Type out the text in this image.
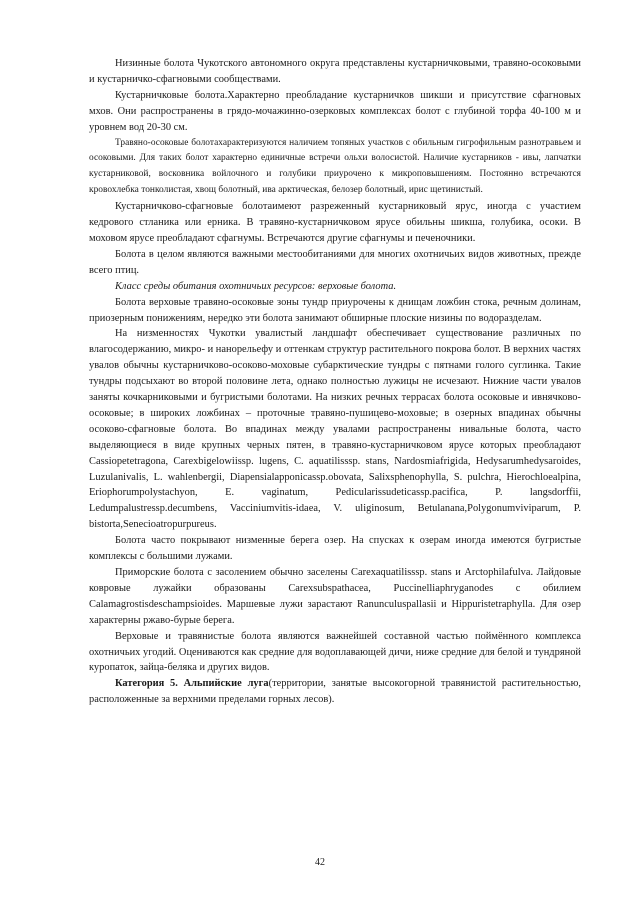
Низинные болота Чукотского автономного округа представлены кустарничковыми, травяно-осоковыми и кустарничко-сфагновыми сообществами.

Кустарничковые болота.Характерно преобладание кустарничков шикши и присутствие сфагновых мхов. Они распространены в грядо-мочажинно-озерковых комплексах болот с глубиной торфа 40-100 м и уровнем вод 20-30 см.

Травяно-осоковые болотахарактеризуются наличием топяных участков с обильным гигрофильным разнотравьем и осоковыми. Для таких болот характерно единичные встречи ольхи волосистой. Наличие кустарников - ивы, лапчатки кустарниковой, восковника войлочного и голубики приурочено к микроповышениям. Постоянно встречаются кровохлебка тонколистая, хвощ болотный, ива арктическая, белозер болотный, ирис щетинистый.

Кустарничково-сфагновые болотаимеют разреженный кустарниковый ярус, иногда с участием кедрового стланика или ерника. В травяно-кустарничковом ярусе обильны шикша, голубика, осоки. В моховом ярусе преобладают сфагнумы. Встречаются другие сфагнумы и печеночники.

Болота в целом являются важными местообитаниями для многих охотничьих видов животных, прежде всего птиц.

Класс среды обитания охотничьих ресурсов: верховые болота.

Болота верховые травяно-осоковые зоны тундр приурочены к днищам ложбин стока, речным долинам, приозерным понижениям, нередко эти болота занимают обширные плоские низины по водоразделам.

На низменностях Чукотки увалистый ландшафт обеспечивает существование различных по влагосодержанию, микро- и нанорельефу и оттенкам структур растительного покрова болот. В верхних частях увалов обычны кустарничково-осоково-моховые субарктические тундры с пятнами голого суглинка. Такие тундры подсыхают во второй половине лета, однако полностью лужицы не исчезают. Нижние части увалов заняты кочкарниковыми и бугристыми болотами. На низких речных террасах болота осоковые и ивнячково-осоковые; в широких ложбинах – проточные травяно-пушицево-моховые; в озерных впадинах обычны осоково-сфагновые болота. Во впадинах между увалами распространены нивальные болота, часто выделяющиеся в виде крупных черных пятен, в травяно-кустарничковом ярусе которых преобладают Cassiopetetragona, Carexbigelowiissp. lugens, C. aquatilisssp. stans, Nardosmiafrigida, Hedysarumhedysaroides, Luzulanivalis, L. wahlenbergii, Diapensialapponicassp.obovata, Salixsphenophylla, S. pulchra, Hierochloealpina, Eriophorumpolystachyon, E. vaginatum, Pedicularissudeticassp.pacifica, P. langsdorffii, Ledumpalustressp.decumbens, Vacciniumvitis-idaea, V. uliginosum, Betulanana,Polygonumviviparum, P. bistorta,Senecioatropurpureus.

Болота часто покрывают низменные берега озер. На спусках к озерам иногда имеются бугристые комплексы с большими лужами.

Приморские болота с засолением обычно заселены Carexaquatilisssp. stans и Arctophilafulva. Лайдовые ковровые лужайки образованы Carexsubspathacea, Puccinelliaphryganodes с обилием Calamagrostisdeschampsioides. Маршевые лужи зарастают Ranunculuspallasii и Hippuristetraphylla. Для озер характерны ржаво-бурые берега.

Верховые и травянистые болота являются важнейшей составной частью поймённого комплекса охотничьих угодий. Оцениваются как средние для водоплавающей дичи, ниже средние для белой и тундряной куропаток, зайца-беляка и других видов.

Категория 5. Альпийские луга(территории, занятые высокогорной травянистой растительностью, расположенные за верхними пределами горных лесов).

42
